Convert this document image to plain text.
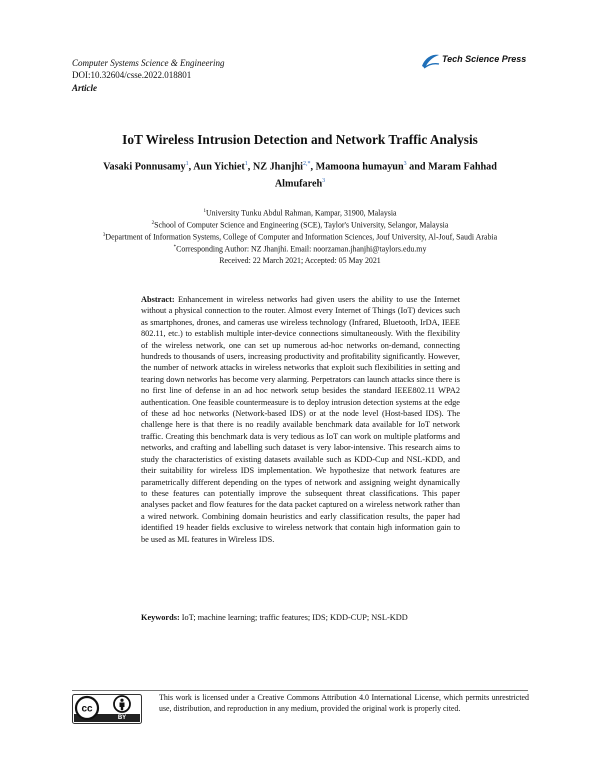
Computer Systems Science & Engineering
DOI:10.32604/csse.2022.018801
Article
Tech Science Press
IoT Wireless Intrusion Detection and Network Traffic Analysis
Vasaki Ponnusamy$^1$, Aun Yichiet$^1$, NZ Jhanjhi$^{2,*}$, Mamoona humayun$^3$ and Maram Fahhad Almufareh$^3$
$^1$University Tunku Abdul Rahman, Kampar, 31900, Malaysia
$^2$School of Computer Science and Engineering (SCE), Taylor's University, Selangor, Malaysia
$^3$Department of Information Systems, College of Computer and Information Sciences, Jouf University, Al-Jouf, Saudi Arabia
*Corresponding Author: NZ Jhanjhi. Email: noorzaman.jhanjhi@taylors.edu.my
Received: 22 March 2021; Accepted: 05 May 2021
Abstract: Enhancement in wireless networks had given users the ability to use the Internet without a physical connection to the router. Almost every Internet of Things (IoT) devices such as smartphones, drones, and cameras use wireless technology (Infrared, Bluetooth, IrDA, IEEE 802.11, etc.) to establish multiple inter-device connections simultaneously. With the flexibility of the wireless network, one can set up numerous ad-hoc networks on-demand, connecting hundreds to thousands of users, increasing productivity and profitability significantly. However, the number of network attacks in wireless networks that exploit such flexibilities in setting and tearing down networks has become very alarming. Perpetrators can launch attacks since there is no first line of defense in an ad hoc network setup besides the standard IEEE802.11 WPA2 authentication. One feasible countermeasure is to deploy intrusion detection systems at the edge of these ad hoc networks (Network-based IDS) or at the node level (Host-based IDS). The challenge here is that there is no readily available benchmark data available for IoT network traffic. Creating this benchmark data is very tedious as IoT can work on multiple platforms and networks, and crafting and labelling such dataset is very labor-intensive. This research aims to study the characteristics of existing datasets available such as KDD-Cup and NSL-KDD, and their suitability for wireless IDS implementation. We hypothesize that network features are parametrically different depending on the types of network and assigning weight dynamically to these features can potentially improve the subsequent threat classifications. This paper analyses packet and flow features for the data packet captured on a wireless network rather than a wired network. Combining domain heuristics and early classification results, the paper had identified 19 header fields exclusive to wireless network that contain high information gain to be used as ML features in Wireless IDS.
Keywords: IoT; machine learning; traffic features; IDS; KDD-CUP; NSL-KDD
cc
BY
This work is licensed under a Creative Commons Attribution 4.0 International License, which permits unrestricted use, distribution, and reproduction in any medium, provided the original work is properly cited.
